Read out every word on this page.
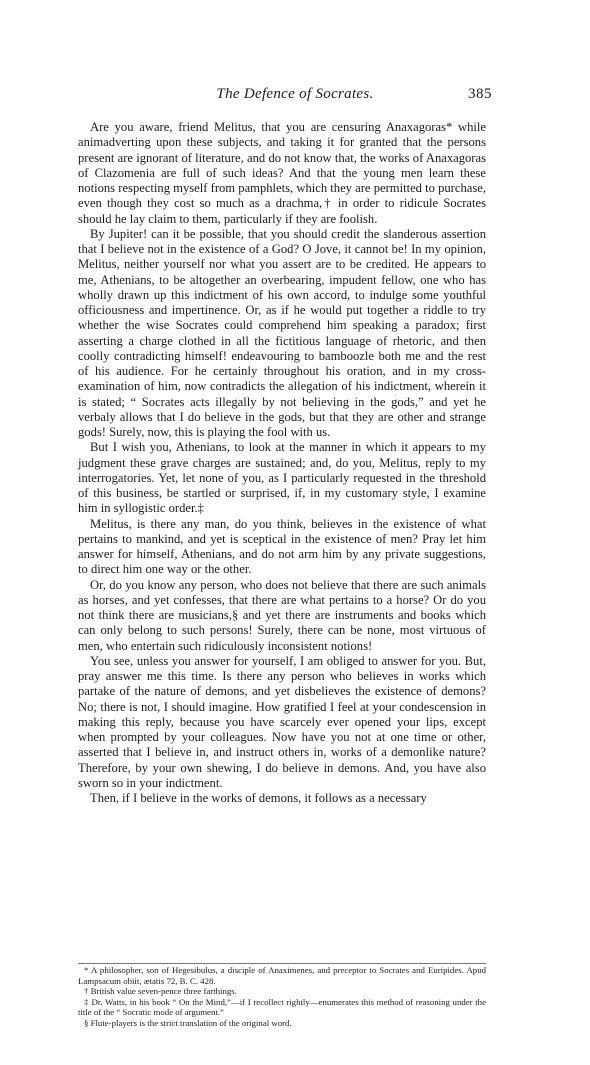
The Defence of Socrates.	385

Are you aware, friend Melitus, that you are censuring Anaxagoras* while animadverting upon these subjects, and taking it for granted that the persons present are ignorant of literature, and do not know that, the works of Anaxagoras of Clazomenia are full of such ideas? And that the young men learn these notions respecting myself from pamphlets, which they are permitted to purchase, even though they cost so much as a drachma,† in order to ridicule Socrates should he lay claim to them, particularly if they are foolish.

By Jupiter! can it be possible, that you should credit the slanderous assertion that I believe not in the existence of a God? O Jove, it cannot be! In my opinion, Melitus, neither yourself nor what you assert are to be credited. He appears to me, Athenians, to be altogether an overbearing, impudent fellow, one who has wholly drawn up this indictment of his own accord, to indulge some youthful officiousness and impertinence. Or, as if he would put together a riddle to try whether the wise Socrates could comprehend him speaking a paradox; first asserting a charge clothed in all the fictitious language of rhetoric, and then coolly contradicting himself! endeavouring to bamboozle both me and the rest of his audience. For he certainly throughout his oration, and in my cross-examination of him, now contradicts the allegation of his indictment, wherein it is stated; “ Socrates acts illegally by not believing in the gods,” and yet he verbaly allows that I do believe in the gods, but that they are other and strange gods! Surely, now, this is playing the fool with us.

But I wish you, Athenians, to look at the manner in which it appears to my judgment these grave charges are sustained; and, do you, Melitus, reply to my interrogatories. Yet, let none of you, as I particularly requested in the threshold of this business, be startled or surprised, if, in my customary style, I examine him in syllogistic order.‡

Melitus, is there any man, do you think, believes in the existence of what pertains to mankind, and yet is sceptical in the existence of men? Pray let him answer for himself, Athenians, and do not arm him by any private suggestions, to direct him one way or the other.

Or, do you know any person, who does not believe that there are such animals as horses, and yet confesses, that there are what pertains to a horse? Or do you not think there are musicians,§ and yet there are instruments and books which can only belong to such persons! Surely, there can be none, most virtuous of men, who entertain such ridiculously inconsistent notions!

You see, unless you answer for yourself, I am obliged to answer for you. But, pray answer me this time. Is there any person who believes in works which partake of the nature of demons, and yet disbelieves the existence of demons? No; there is not, I should imagine. How gratified I feel at your condescension in making this reply, because you have scarcely ever opened your lips, except when prompted by your colleagues. Now have you not at one time or other, asserted that I believe in, and instruct others in, works of a demonlike nature? Therefore, by your own shewing, I do believe in demons. And, you have also sworn so in your indictment.

Then, if I believe in the works of demons, it follows as a necessary

* A philosopher, son of Hegesibulus, a disciple of Anaximenes, and preceptor to Socrates and Euripides. Apud Lampsacum obiit, ætatis 72, B. C. 428.

† British value seven-pence three farthings.

‡ Dr. Watts, in his book “ On the Mind,”—if I recollect rightly—enumerates this method of reasoning under the title of the “ Socratic mode of argument.”

§ Flute-players is the strict translation of the original word.
